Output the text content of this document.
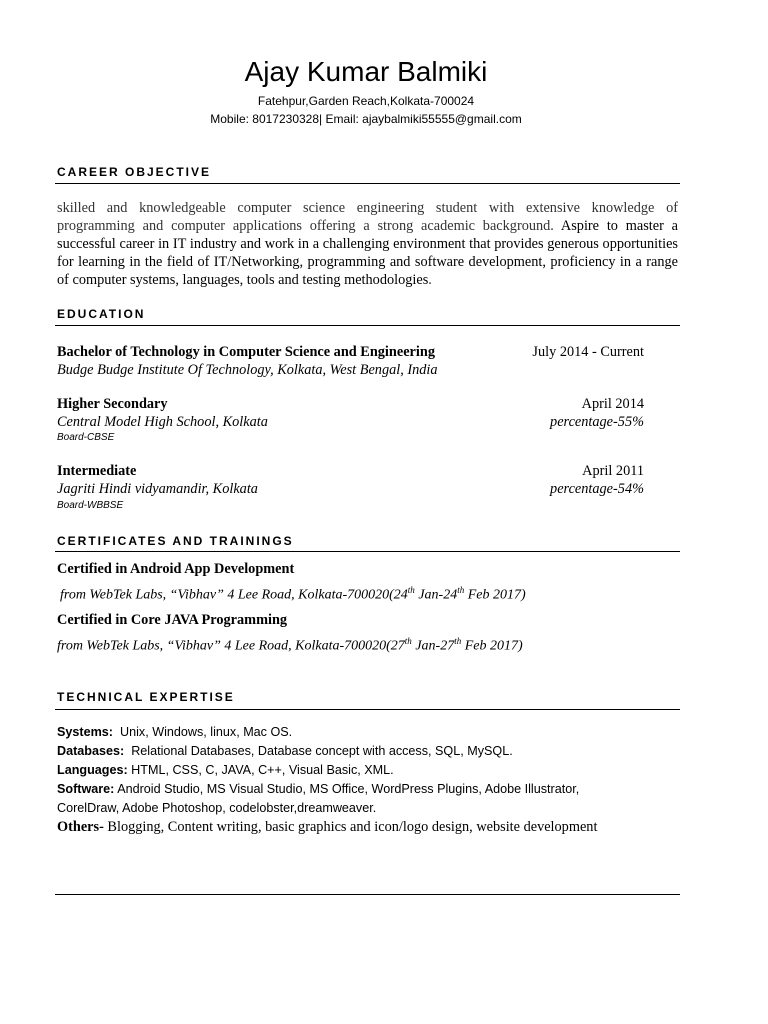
Ajay Kumar Balmiki
Fatehpur,Garden Reach,Kolkata-700024
Mobile: 8017230328| Email: ajaybalmiki55555@gmail.com
CAREER OBJECTIVE
skilled and knowledgeable computer science engineering student with extensive knowledge of programming and computer applications offering a strong academic background. Aspire to master a successful career in IT industry and work in a challenging environment that provides generous opportunities for learning in the field of IT/Networking, programming and software development, proficiency in a range of computer systems, languages, tools and testing methodologies.
EDUCATION
Bachelor of Technology in Computer Science and Engineering	July 2014 - Current
Budge Budge Institute Of Technology, Kolkata, West Bengal, India
Higher Secondary	April 2014
Central Model High School, Kolkata	percentage-55%
Board-CBSE
Intermediate	April 2011
Jagriti Hindi vidyamandir, Kolkata	percentage-54%
Board-WBBSE
CERTIFICATES AND TRAININGS
Certified in Android App Development
from WebTek Labs, “Vibhav” 4 Lee Road, Kolkata-700020(24th Jan-24th Feb 2017)
Certified in Core JAVA Programming
from WebTek Labs, “Vibhav” 4 Lee Road, Kolkata-700020(27th Jan-27th Feb 2017)
TECHNICAL EXPERTISE
Systems:  Unix, Windows, linux, Mac OS.
Databases:  Relational Databases, Database concept with access, SQL, MySQL.
Languages: HTML, CSS, C, JAVA, C++, Visual Basic, XML.
Software: Android Studio, MS Visual Studio, MS Office, WordPress Plugins, Adobe Illustrator,
CorelDraw, Adobe Photoshop, codelobster,dreamweaver.
Others- Blogging, Content writing, basic graphics and icon/logo design, website development
